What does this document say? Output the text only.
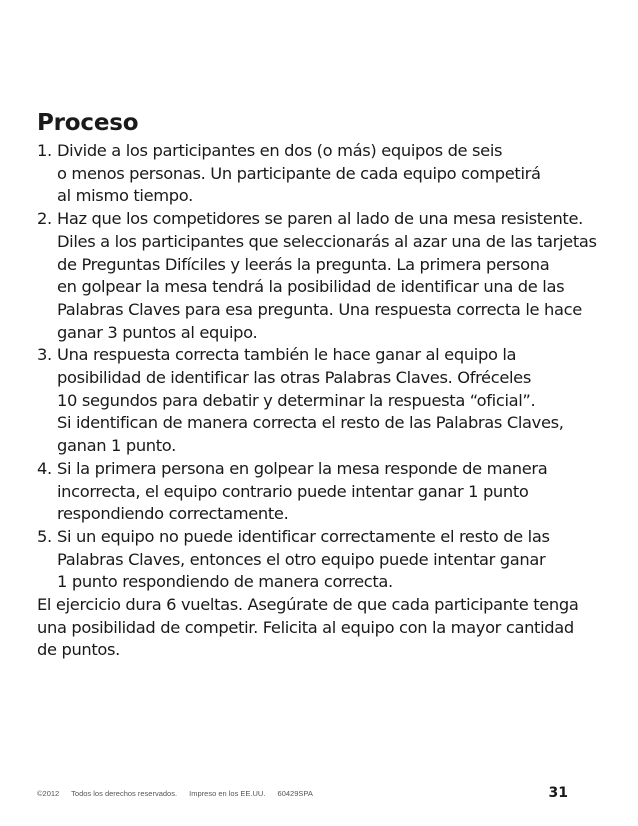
Proceso
1. Divide a los participantes en dos (o más) equipos de seis
o menos personas. Un participante de cada equipo competirá
al mismo tiempo.
2. Haz que los competidores se paren al lado de una mesa resistente.
Diles a los participantes que seleccionarás al azar una de las tarjetas
de Preguntas Difíciles y leerás la pregunta. La primera persona
en golpear la mesa tendrá la posibilidad de identificar una de las
Palabras Claves para esa pregunta. Una respuesta correcta le hace
ganar 3 puntos al equipo.
3. Una respuesta correcta también le hace ganar al equipo la
posibilidad de identificar las otras Palabras Claves. Ofréceles
10 segundos para debatir y determinar la respuesta “oficial”.
Si identifican de manera correcta el resto de las Palabras Claves,
ganan 1 punto.
4. Si la primera persona en golpear la mesa responde de manera
incorrecta, el equipo contrario puede intentar ganar 1 punto
respondiendo correctamente.
5. Si un equipo no puede identificar correctamente el resto de las
Palabras Claves, entonces el otro equipo puede intentar ganar
1 punto respondiendo de manera correcta.
El ejercicio dura 6 vueltas. Asegúrate de que cada participante tenga
una posibilidad de competir. Felicita al equipo con la mayor cantidad
de puntos.
©2012 Todos los derechos reservados. Impreso en los EE.UU. 60429SPA	31
